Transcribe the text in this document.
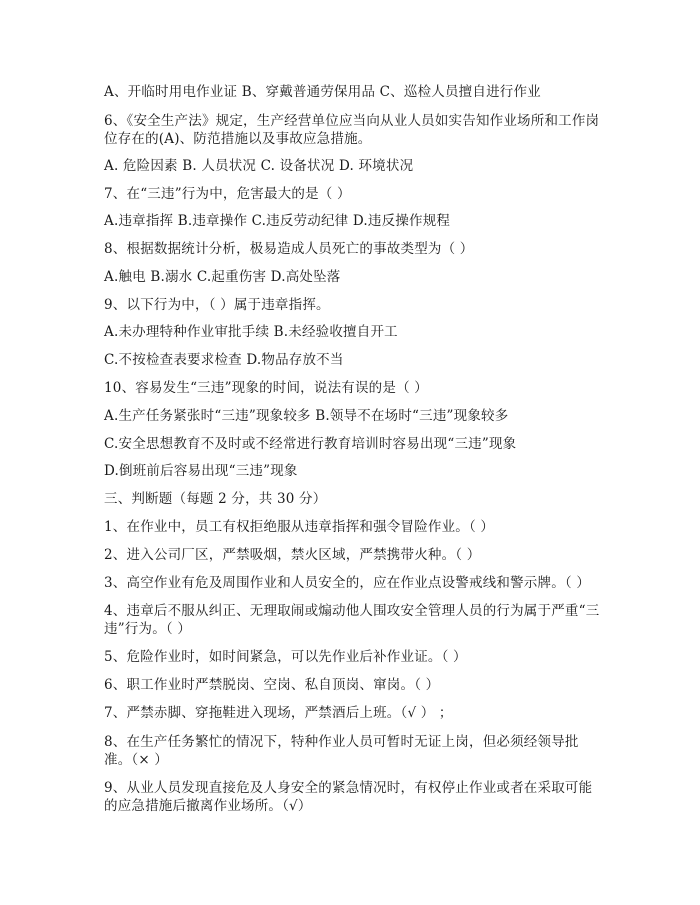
A、开临时用电作业证 B、穿戴普通劳保用品 C、巡检人员擅自进行作业
6、《安全生产法》规定，生产经营单位应当向从业人员如实告知作业场所和工作岗位存在的(A)、防范措施以及事故应急措施。
A. 危险因素 B. 人员状况 C. 设备状况 D. 环境状况
7、在“三违”行为中，危害最大的是（ ）
A.违章指挥 B.违章操作 C.违反劳动纪律 D.违反操作规程
8、根据数据统计分析，极易造成人员死亡的事故类型为（ ）
A.触电 B.溺水 C.起重伤害 D.高处坠落
9、以下行为中，（ ）属于违章指挥。
A.未办理特种作业审批手续 B.未经验收擅自开工
C.不按检查表要求检查 D.物品存放不当
10、容易发生“三违”现象的时间，说法有误的是（ ）
A.生产任务紧张时“三违”现象较多 B.领导不在场时“三违”现象较多
C.安全思想教育不及时或不经常进行教育培训时容易出现“三违”现象
D.倒班前后容易出现“三违”现象
三、判断题（每题 2 分，共 30 分）
1、在作业中，员工有权拒绝服从违章指挥和强令冒险作业。（ ）
2、进入公司厂区，严禁吸烟，禁火区域，严禁携带火种。（ ）
3、高空作业有危及周围作业和人员安全的，应在作业点设警戒线和警示牌。（ ）
4、违章后不服从纠正、无理取闹或煽动他人围攻安全管理人员的行为属于严重“三违”行为。（ ）
5、危险作业时，如时间紧急，可以先作业后补作业证。（ ）
6、职工作业时严禁脱岗、空岗、私自顶岗、窜岗。（ ）
7、严禁赤脚、穿拖鞋进入现场，严禁酒后上班。（√ ） ；
8、在生产任务繁忙的情况下，特种作业人员可暂时无证上岗，但必须经领导批准。（× ）
9、从业人员发现直接危及人身安全的紧急情况时，有权停止作业或者在采取可能的应急措施后撤离作业场所。（√）
